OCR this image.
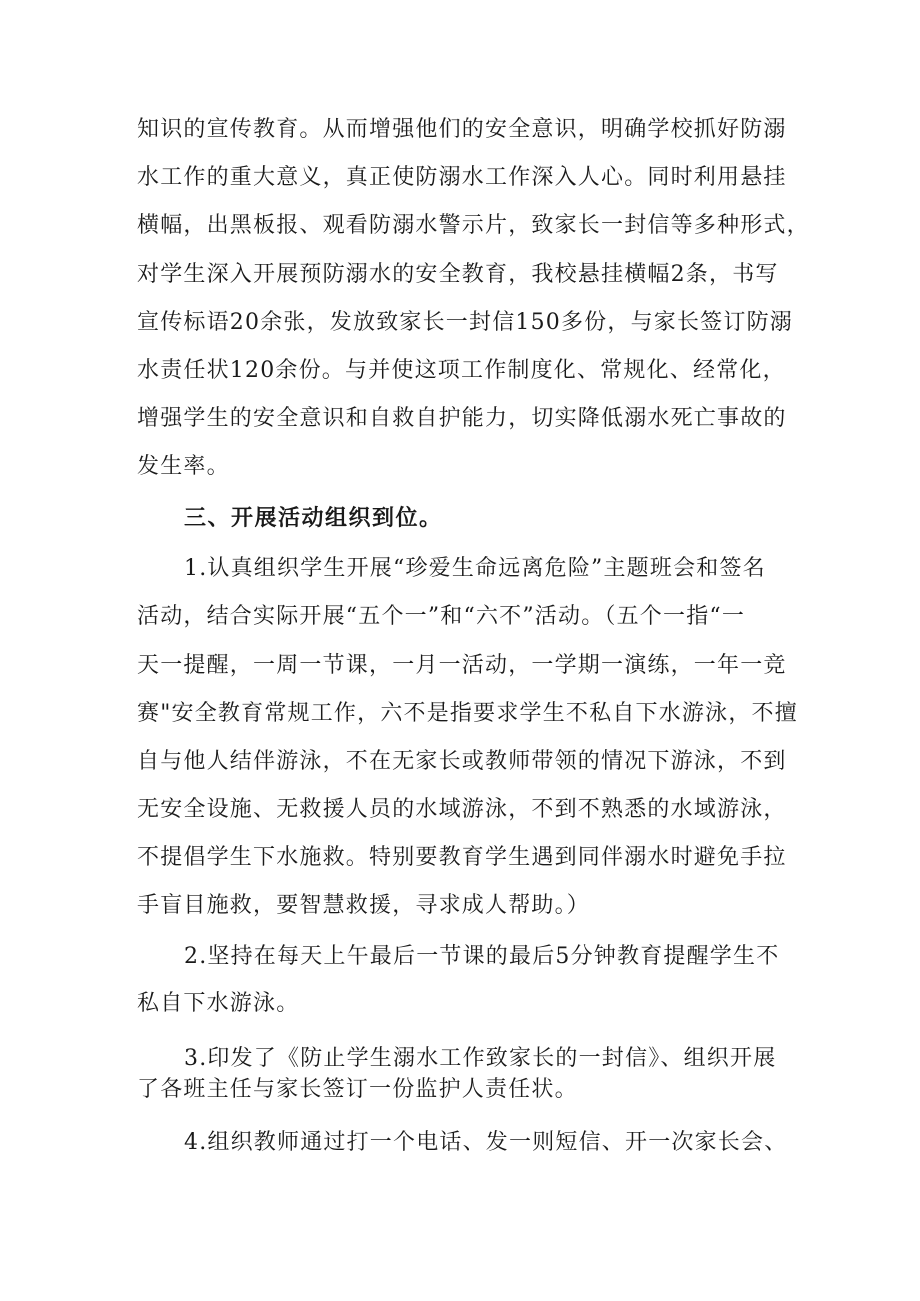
知识的宣传教育。从而增强他们的安全意识，明确学校抓好防溺
水工作的重大意义，真正使防溺水工作深入人心。同时利用悬挂
横幅，出黑板报、观看防溺水警示片，致家长一封信等多种形式，
对学生深入开展预防溺水的安全教育，我校悬挂横幅2条，书写
宣传标语20余张，发放致家长一封信150多份，与家长签订防溺
水责任状120余份。与并使这项工作制度化、常规化、经常化，
增强学生的安全意识和自救自护能力，切实降低溺水死亡事故的
发生率。
三、开展活动组织到位。
1.认真组织学生开展“珍爱生命远离危险”主题班会和签名
活动，结合实际开展“五个一”和“六不”活动。（五个一指“一
天一提醒，一周一节课，一月一活动，一学期一演练，一年一竞
赛"安全教育常规工作，六不是指要求学生不私自下水游泳，不擅
自与他人结伴游泳，不在无家长或教师带领的情况下游泳，不到
无安全设施、无救援人员的水域游泳，不到不熟悉的水域游泳，
不提倡学生下水施救。特别要教育学生遇到同伴溺水时避免手拉
手盲目施救，要智慧救援，寻求成人帮助。）
2.坚持在每天上午最后一节课的最后5分钟教育提醒学生不
私自下水游泳。
3.印发了《防止学生溺水工作致家长的一封信》、组织开展
了各班主任与家长签订一份监护人责任状。
4.组织教师通过打一个电话、发一则短信、开一次家长会、
